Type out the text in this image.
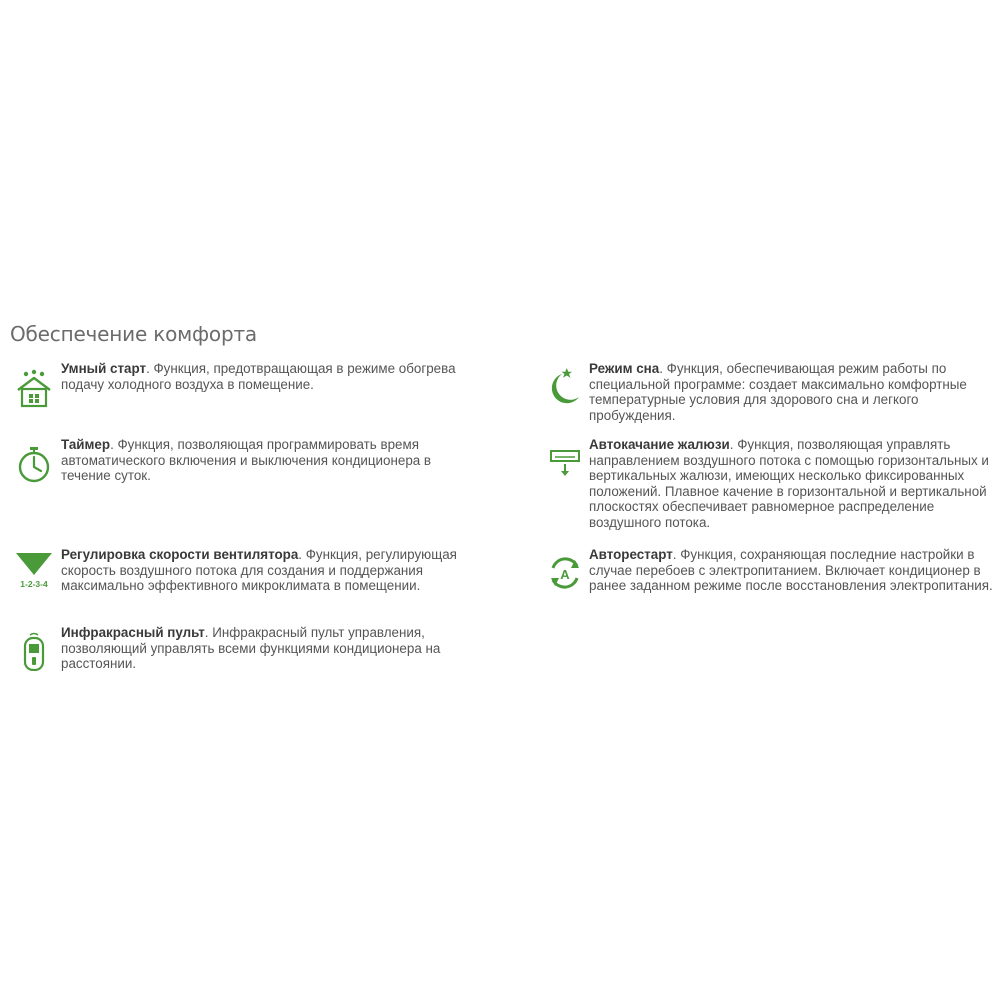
Обеспечение комфорта
Умный старт. Функция, предотвращающая в режиме обогрева подачу холодного воздуха в помещение.
Таймер. Функция, позволяющая программировать время автоматического включения и выключения кондиционера в течение суток.
1-2-3-4
Регулировка скорости вентилятора. Функция, регулирующая скорость воздушного потока для создания и поддержания максимально эффективного микроклимата в помещении.
Инфракрасный пульт. Инфракрасный пульт управления, позволяющий управлять всеми функциями кондиционера на расстоянии.
Режим сна. Функция, обеспечивающая режим работы по специальной программе: создает максимально комфортные температурные условия для здорового сна и легкого пробуждения.
Автокачание жалюзи. Функция, позволяющая управлять направлением воздушного потока с помощью горизонтальных и вертикальных жалюзи, имеющих несколько фиксированных положений. Плавное качение в горизонтальной и вертикальной плоскостях обеспечивает равномерное распределение воздушного потока.
A
Авторестарт. Функция, сохраняющая последние настройки в случае перебоев с электропитанием. Включает кондиционер в ранее заданном режиме после восстановления электропитания.
